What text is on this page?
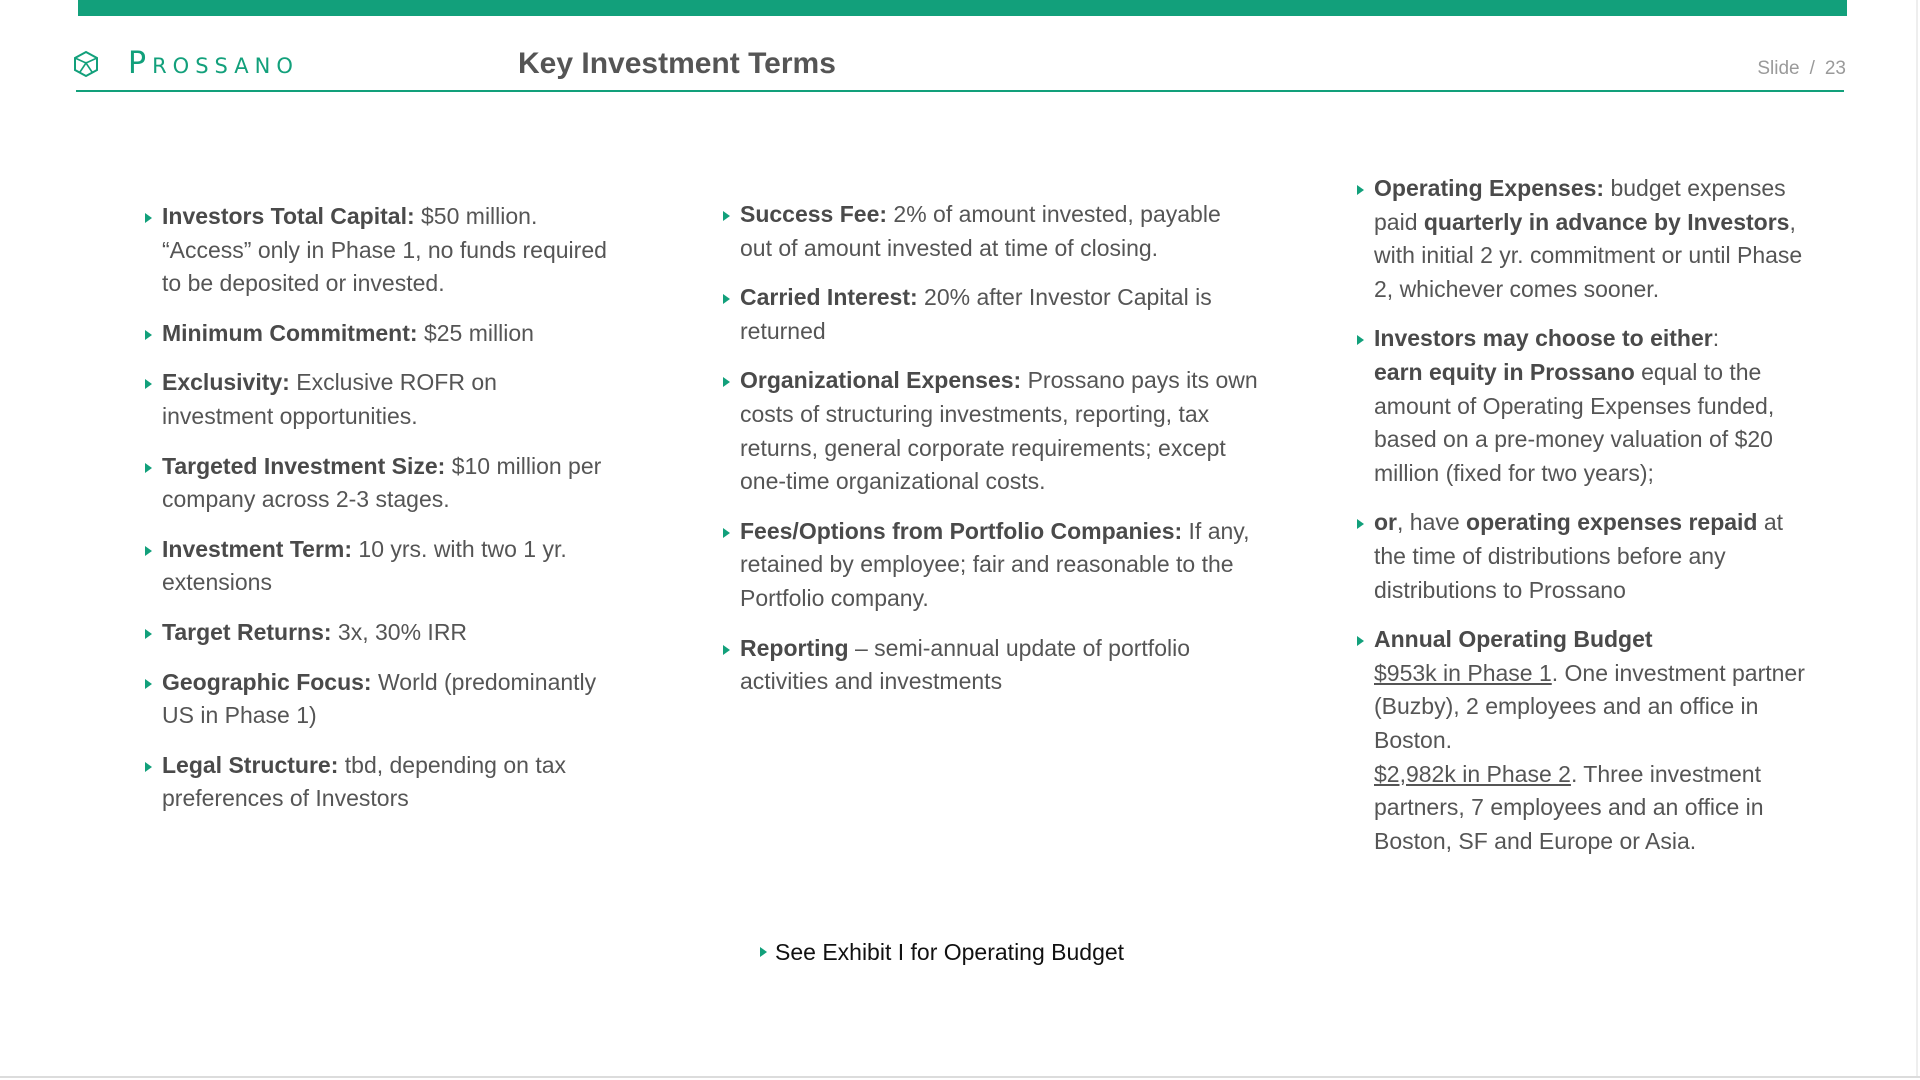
Prossano	Key Investment Terms	Slide / 23
Investors Total Capital: $50 million. “Access” only in Phase 1, no funds required to be deposited or invested.
Minimum Commitment: $25 million
Exclusivity: Exclusive ROFR on investment opportunities.
Targeted Investment Size: $10 million per company across 2-3 stages.
Investment Term: 10 yrs. with two 1 yr. extensions
Target Returns: 3x, 30% IRR
Geographic Focus: World (predominantly US in Phase 1)
Legal Structure: tbd, depending on tax preferences of Investors
Success Fee: 2% of amount invested, payable out of amount invested at time of closing.
Carried Interest: 20% after Investor Capital is returned
Organizational Expenses: Prossano pays its own costs of structuring investments, reporting, tax returns, general corporate requirements; except one-time organizational costs.
Fees/Options from Portfolio Companies: If any, retained by employee; fair and reasonable to the Portfolio company.
Reporting – semi-annual update of portfolio activities and investments
Operating Expenses: budget expenses paid quarterly in advance by Investors, with initial 2 yr. commitment or until Phase 2, whichever comes sooner.
Investors may choose to either:
earn equity in Prossano equal to the amount of Operating Expenses funded, based on a pre-money valuation of $20 million (fixed for two years);
or, have operating expenses repaid at the time of distributions before any distributions to Prossano
Annual Operating Budget
$953k in Phase 1. One investment partner (Buzby), 2 employees and an office in Boston.
$2,982k in Phase 2. Three investment partners, 7 employees and an office in Boston, SF and Europe or Asia.
See Exhibit I for Operating Budget
